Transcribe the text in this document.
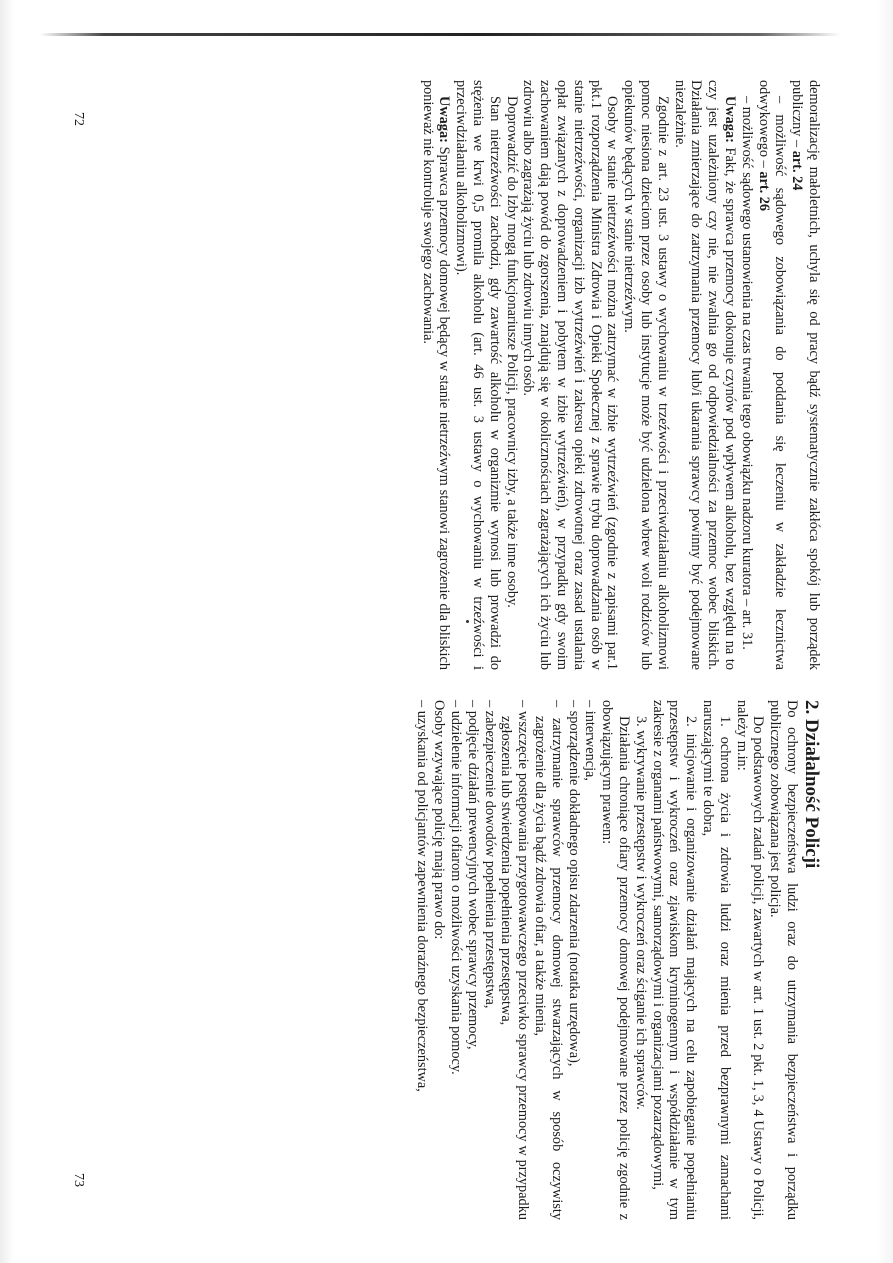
demoralizację małoletnich, uchyla się od pracy bądź systematycznie zakłóca spokój lub porządek publiczny – art. 24

– możliwość sądowego zobowiązania do poddania się leczeniu w zakładzie lecznictwa odwykowego – art. 26

– możliwość sądowego ustanowienia na czas trwania tego obowiązku nadzoru kuratora – art. 31.

Uwaga: Fakt, że sprawca przemocy dokonuje czynów pod wpływem alkoholu, bez względu na to czy jest uzależniony czy nie, nie zwalnia go od odpowiedzialności za przemoc wobec bliskich. Działania zmierzające do zatrzymania przemocy lub/i ukarania sprawcy powinny być podejmowane niezależnie.

Zgodnie z art. 23 ust. 3 ustawy o wychowaniu w trzeźwości i przeciwdziałaniu alkoholizmowi pomoc niesiona dzieciom przez osoby lub instytucje może być udzielona wbrew woli rodziców lub opiekunów będących w stanie nietrzeźwym.

Osoby w stanie nietrzeźwości można zatrzymać w izbie wytrzeźwień (zgodnie z zapisami par.1 pkt.1 rozporządzenia Ministra Zdrowia i Opieki Społecznej z sprawie trybu doprowadzania osób w stanie nietrzeźwości, organizacji izb wytrzeźwień i zakresu opieki zdrowotnej oraz zasad ustalania opłat związanych z doprowadzeniem i pobytem w izbie wytrzeźwień), w przypadku gdy swoim zachowaniem dają powód do zgorszenia, znajdują się w okolicznościach zagrażających ich życiu lub zdrowiu albo zagrażają życiu lub zdrowiu innych osób.

Doprowadzić do Izby mogą funkcjonariusze Policji, pracownicy izby, a także inne osoby.

Stan nietrzeźwości zachodzi, gdy zawartość alkoholu w organizmie wynosi lub prowadzi do stężenia we krwi 0,5 promila alkoholu (art. 46 ust. 3 ustawy o wychowaniu w trzeźwości i przeciwdziałaniu alkoholizmowi).

Uwaga: Sprawca przemocy domowej będący w stanie nietrzeźwym stanowi zagrożenie dla bliskich ponieważ nie kontroluje swojego zachowania.

2. Działalność Policji

Do ochrony bezpieczeństwa ludzi oraz do utrzymania bezpieczeństwa i porządku publicznego zobowiązana jest policja.

Do podstawowych zadań policji, zawartych w art. 1 ust. 2 pkt. 1, 3, 4 Ustawy o Policji, należy m.in:

1. ochrona życia i zdrowia ludzi oraz mienia przed bezprawnymi zamachami naruszającymi te dobra,

2. inicjowanie i organizowanie działań mających na celu zapobieganie popełnianiu przestępstw i wykroczeń oraz zjawiskom kryminogennym i współdziałanie w tym zakresie z organami państwowymi, samorządowymi i organizacjami pozarządowymi,

3. wykrywanie przestępstw i wykroczeń oraz ściganie ich sprawców.

Działania chroniące ofiary przemocy domowej podejmowane przez policję zgodnie z obowiązującym prawem:

– interwencja,

– sporządzenie dokładnego opisu zdarzenia (notatka urzędowa),

– zatrzymanie sprawców przemocy domowej stwarzających w sposób oczywisty zagrożenie dla życia bądź zdrowia ofiar, a także mienia,

– wszczęcie postępowania przygotowawczego przeciwko sprawcy przemocy w przypadku zgłoszenia lub stwierdzenia popełnienia przestępstwa,

– zabezpieczenie dowodów popełnienia przestępstwa,

– podjęcie działań prewencyjnych wobec sprawcy przemocy,

– udzielenie informacji ofiarom o możliwości uzyskania pomocy.

Osoby wzywające policję mają prawo do:

– uzyskania od policjantów zapewnienia doraźnego bezpieczeństwa,

72
73
